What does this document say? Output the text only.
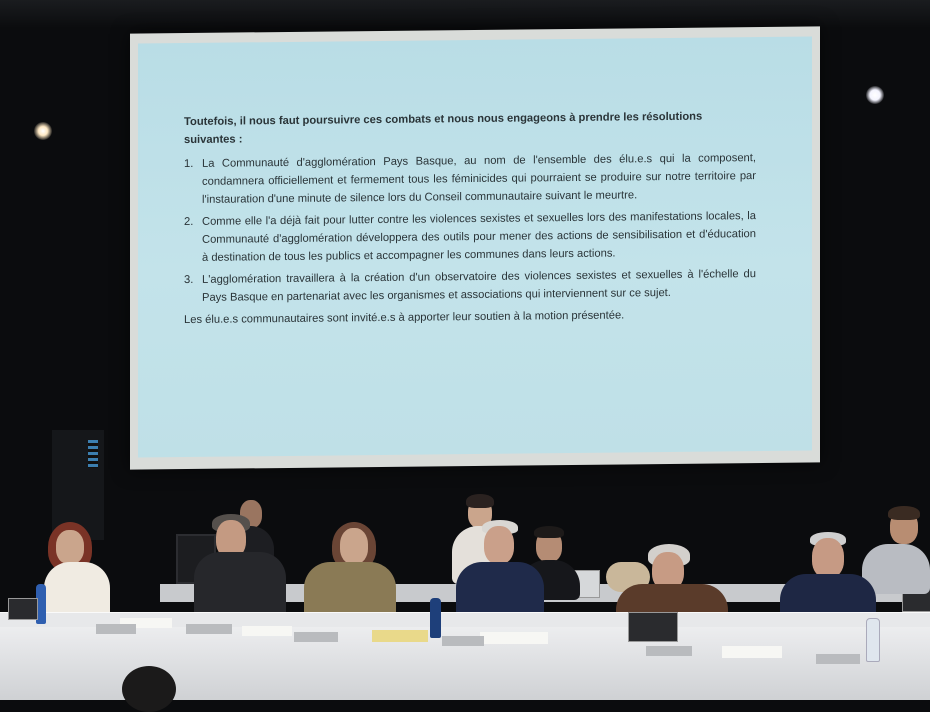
Toutefois, il nous faut poursuivre ces combats et nous nous engageons à prendre les résolutions suivantes :

1. La Communauté d'agglomération Pays Basque, au nom de l'ensemble des élu.e.s qui la composent, condamnera officiellement et fermement tous les féminicides qui pourraient se produire sur notre territoire par l'instauration d'une minute de silence lors du Conseil communautaire suivant le meurtre.
2. Comme elle l'a déjà fait pour lutter contre les violences sexistes et sexuelles lors des manifestations locales, la Communauté d'agglomération développera des outils pour mener des actions de sensibilisation et d'éducation à destination de tous les publics et accompagner les communes dans leurs actions.
3. L'agglomération travaillera à la création d'un observatoire des violences sexistes et sexuelles à l'échelle du Pays Basque en partenariat avec les organismes et associations qui interviennent sur ce sujet.

Les élu.e.s communautaires sont invité.e.s à apporter leur soutien à la motion présentée.
